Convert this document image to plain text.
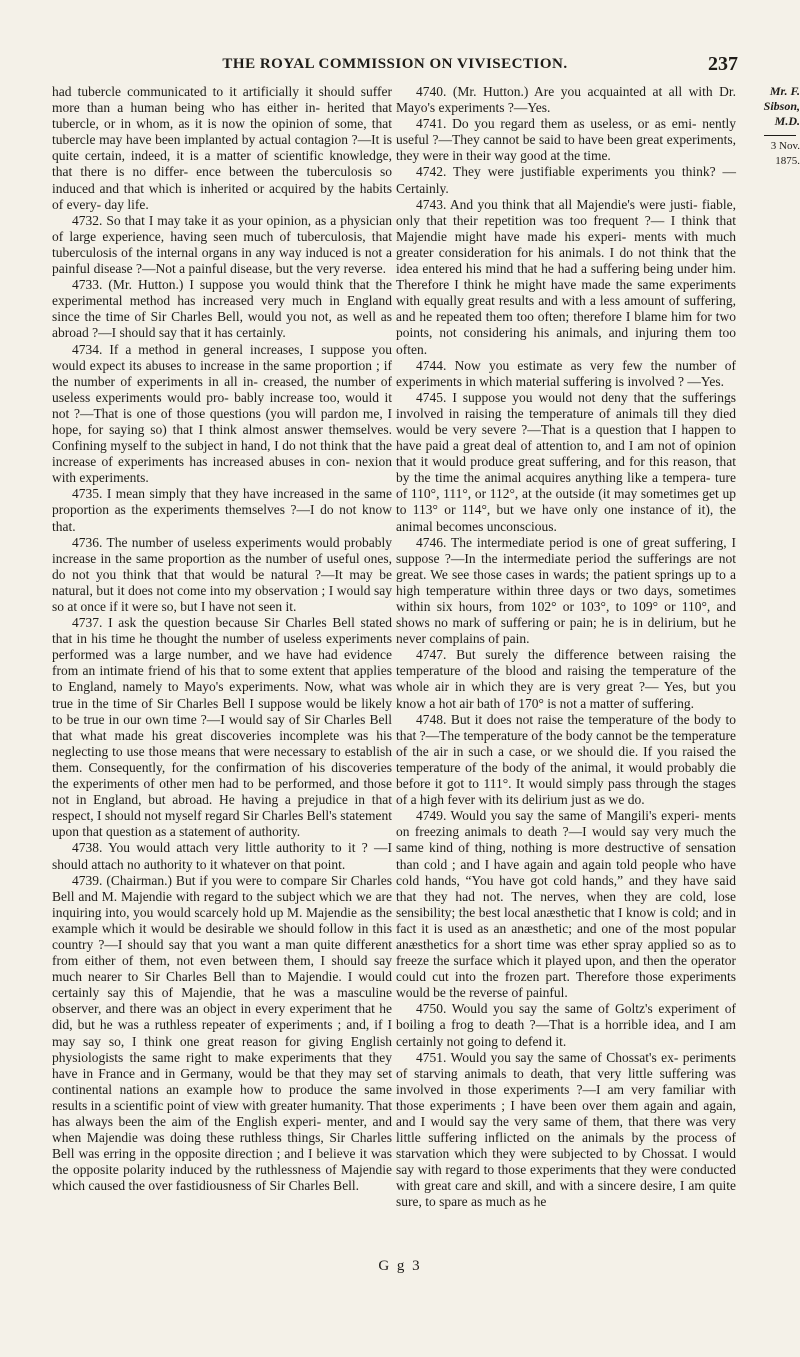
THE ROYAL COMMISSION ON VIVISECTION.	237

had tubercle communicated to it artificially it should suffer more than a human being who has either in- herited that tubercle, or in whom, as it is now the opinion of some, that tubercle may have been implanted by actual contagion ?—It is quite certain, indeed, it is a matter of scientific knowledge, that there is no differ- ence between the tuberculosis so induced and that which is inherited or acquired by the habits of every- day life.

4732. So that I may take it as your opinion, as a physician of large experience, having seen much of tuberculosis, that tuberculosis of the internal organs in any way induced is not a painful disease ?—Not a painful disease, but the very reverse.

4733. (Mr. Hutton.) I suppose you would think that the experimental method has increased very much in England since the time of Sir Charles Bell, would you not, as well as abroad ?—I should say that it has certainly.

4734. If a method in general increases, I suppose you would expect its abuses to increase in the same proportion ; if the number of experiments in all in- creased, the number of useless experiments would pro- bably increase too, would it not ?—That is one of those questions (you will pardon me, I hope, for saying so) that I think almost answer themselves. Confining myself to the subject in hand, I do not think that the increase of experiments has increased abuses in con- nexion with experiments.

4735. I mean simply that they have increased in the same proportion as the experiments themselves ?—I do not know that.

4736. The number of useless experiments would probably increase in the same proportion as the number of useful ones, do not you think that that would be natural ?—It may be natural, but it does not come into my observation ; I would say so at once if it were so, but I have not seen it.

4737. I ask the question because Sir Charles Bell stated that in his time he thought the number of useless experiments performed was a large number, and we have had evidence from an intimate friend of his that to some extent that applies to England, namely to Mayo's experiments. Now, what was true in the time of Sir Charles Bell I suppose would be likely to be true in our own time ?—I would say of Sir Charles Bell that what made his great discoveries incomplete was his neglecting to use those means that were necessary to establish them. Consequently, for the confirmation of his discoveries the experiments of other men had to be performed, and those not in England, but abroad. He having a prejudice in that respect, I should not myself regard Sir Charles Bell's statement upon that question as a statement of authority.

4738. You would attach very little authority to it ? —I should attach no authority to it whatever on that point.

4739. (Chairman.) But if you were to compare Sir Charles Bell and M. Majendie with regard to the subject which we are inquiring into, you would scarcely hold up M. Majendie as the example which it would be desirable we should follow in this country ?—I should say that you want a man quite different from either of them, not even between them, I should say much nearer to Sir Charles Bell than to Majendie. I would certainly say this of Majendie, that he was a masculine observer, and there was an object in every experiment that he did, but he was a ruthless repeater of experiments ; and, if I may say so, I think one great reason for giving English physiologists the same right to make experiments that they have in France and in Germany, would be that they may set continental nations an example how to produce the same results in a scientific point of view with greater humanity. That has always been the aim of the English experi- menter, and when Majendie was doing these ruthless things, Sir Charles Bell was erring in the opposite direction ; and I believe it was the opposite polarity induced by the ruthlessness of Majendie which caused the over fastidiousness of Sir Charles Bell.

4740. (Mr. Hutton.) Are you acquainted at all with Dr. Mayo's experiments ?—Yes.

4741. Do you regard them as useless, or as emi- nently useful ?—They cannot be said to have been great experiments, they were in their way good at the time.

4742. They were justifiable experiments you think? —Certainly.

4743. And you think that all Majendie's were justi- fiable, only that their repetition was too frequent ?— I think that Majendie might have made his experi- ments with much greater consideration for his animals. I do not think that the idea entered his mind that he had a suffering being under him. Therefore I think he might have made the same experiments with equally great results and with a less amount of suffering, and he repeated them too often; therefore I blame him for two points, not considering his animals, and injuring them too often.

4744. Now you estimate as very few the number of experiments in which material suffering is involved ? —Yes.

4745. I suppose you would not deny that the sufferings involved in raising the temperature of animals till they died would be very severe ?—That is a question that I happen to have paid a great deal of attention to, and I am not of opinion that it would produce great suffering, and for this reason, that by the time the animal acquires anything like a tempera- ture of 110°, 111°, or 112°, at the outside (it may sometimes get up to 113° or 114°, but we have only one instance of it), the animal becomes unconscious.

4746. The intermediate period is one of great suffering, I suppose ?—In the intermediate period the sufferings are not great. We see those cases in wards; the patient springs up to a high temperature within three days or two days, sometimes within six hours, from 102° or 103°, to 109° or 110°, and shows no mark of suffering or pain; he is in delirium, but he never complains of pain.

4747. But surely the difference between raising the temperature of the blood and raising the temperature of the whole air in which they are is very great ?— Yes, but you know a hot air bath of 170° is not a matter of suffering.

4748. But it does not raise the temperature of the body to that ?—The temperature of the body cannot be the temperature of the air in such a case, or we should die. If you raised the temperature of the body of the animal, it would probably die before it got to 111°. It would simply pass through the stages of a high fever with its delirium just as we do.

4749. Would you say the same of Mangili's experi- ments on freezing animals to death ?—I would say very much the same kind of thing, nothing is more destructive of sensation than cold ; and I have again and again told people who have cold hands, “You have got cold hands,” and they have said that they had not. The nerves, when they are cold, lose sensibility; the best local anæsthetic that I know is cold; and in fact it is used as an anæsthetic; and one of the most popular anæsthetics for a short time was ether spray applied so as to freeze the surface which it played upon, and then the operator could cut into the frozen part. Therefore those experiments would be the reverse of painful.

4750. Would you say the same of Goltz's experiment of boiling a frog to death ?—That is a horrible idea, and I am certainly not going to defend it.

4751. Would you say the same of Chossat's ex- periments of starving animals to death, that very little suffering was involved in those experiments ?—I am very familiar with those experiments ; I have been over them again and again, and I would say the very same of them, that there was very little suffering inflicted on the animals by the process of starvation which they were subjected to by Chossat. I would say with regard to those experiments that they were conducted with great care and skill, and with a sincere desire, I am quite sure, to spare as much as he

Mr. F. Sibson,
M.D.
3 Nov. 1875.
G g 3
